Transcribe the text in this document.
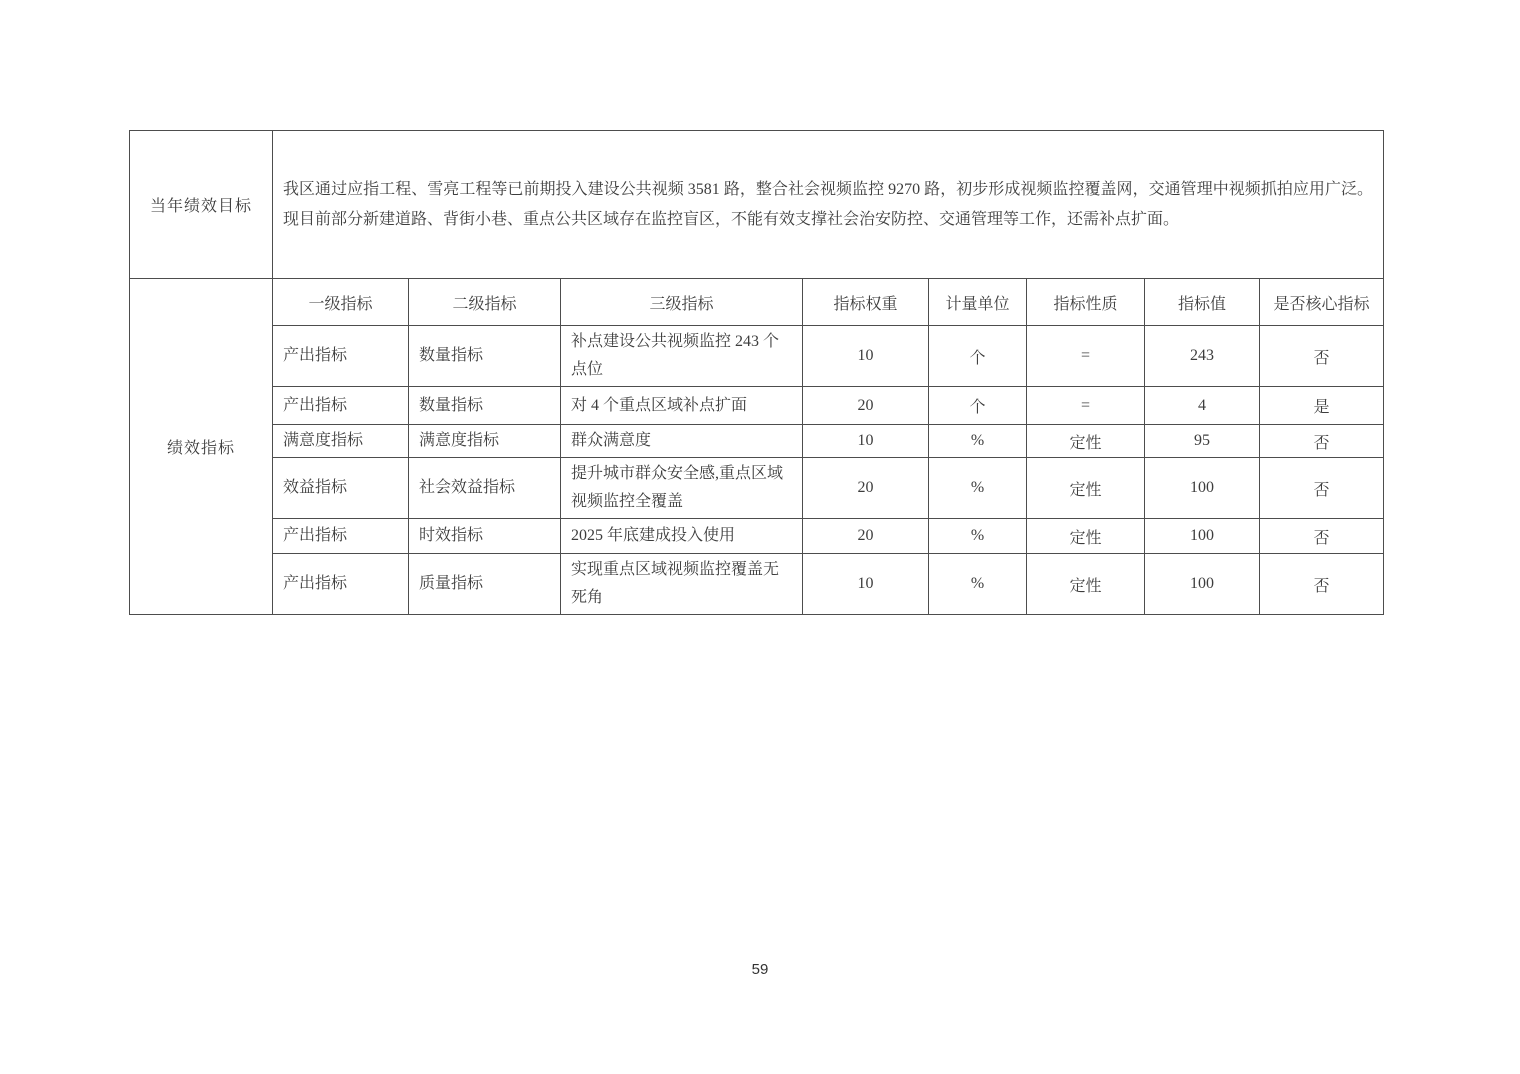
当年绩效目标	我区通过应指工程、雪亮工程等已前期投入建设公共视频 3581 路，整合社会视频监控 9270 路，初步形成视频监控覆盖网，交通管理中视频抓拍应用广泛。现目前部分新建道路、背街小巷、重点公共区域存在监控盲区，不能有效支撑社会治安防控、交通管理等工作，还需补点扩面。							
绩效指标	一级指标	二级指标	三级指标	指标权重	计量单位	指标性质	指标值	是否核心指标
	产出指标	数量指标	补点建设公共视频监控 243 个点位	10	个	=	243	否
	产出指标	数量指标	对 4 个重点区域补点扩面	20	个	=	4	是
	满意度指标	满意度指标	群众满意度	10	%	定性	95	否
	效益指标	社会效益指标	提升城市群众安全感,重点区域视频监控全覆盖	20	%	定性	100	否
	产出指标	时效指标	2025 年底建成投入使用	20	%	定性	100	否
	产出指标	质量指标	实现重点区域视频监控覆盖无死角	10	%	定性	100	否
59
